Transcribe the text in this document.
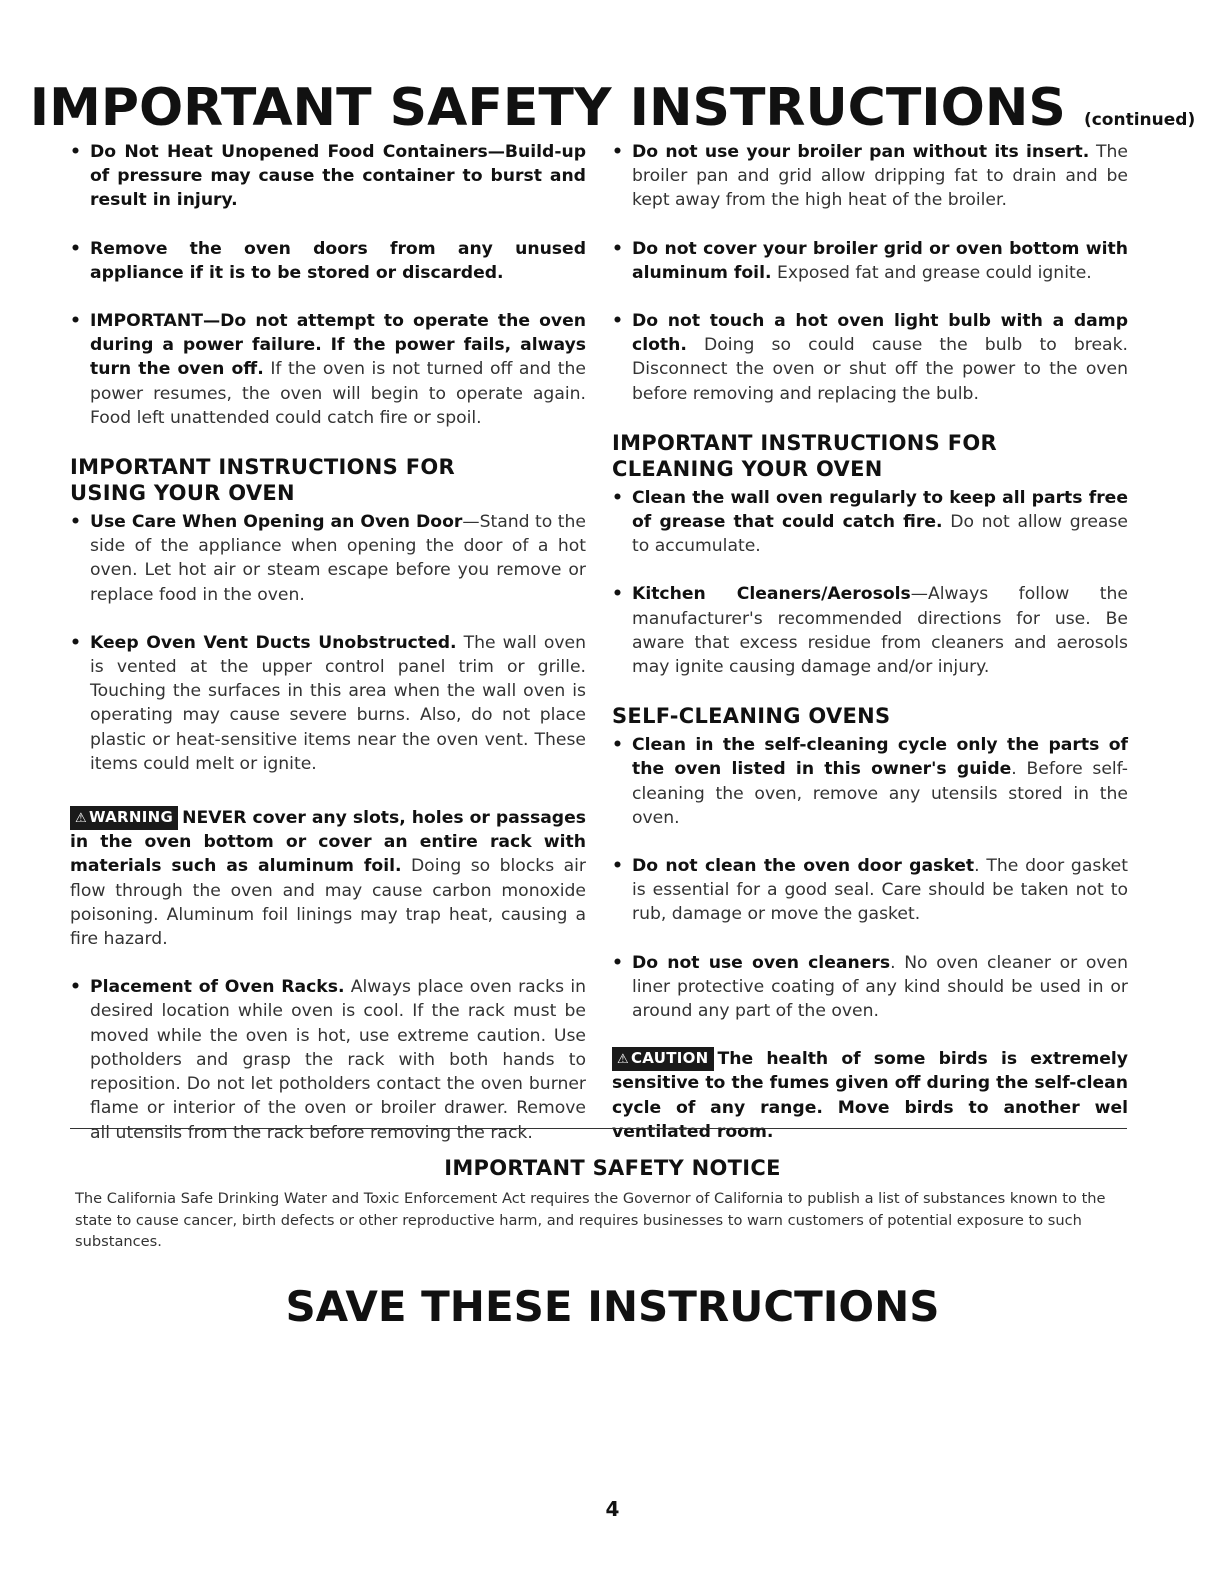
IMPORTANT SAFETY INSTRUCTIONS (continued)

• Do Not Heat Unopened Food Containers—Build-up of pressure may cause the container to burst and result in injury.

• Remove the oven doors from any unused appliance if it is to be stored or discarded.

• IMPORTANT—Do not attempt to operate the oven during a power failure. If the power fails, always turn the oven off. If the oven is not turned off and the power resumes, the oven will begin to operate again. Food left unattended could catch fire or spoil.

IMPORTANT INSTRUCTIONS FOR
USING YOUR OVEN

• Use Care When Opening an Oven Door—Stand to the side of the appliance when opening the door of a hot oven. Let hot air or steam escape before you remove or replace food in the oven.

• Keep Oven Vent Ducts Unobstructed. The wall oven is vented at the upper control panel trim or grille. Touching the surfaces in this area when the wall oven is operating may cause severe burns. Also, do not place plastic or heat-sensitive items near the oven vent. These items could melt or ignite.

⚠ WARNING NEVER cover any slots, holes or passages in the oven bottom or cover an entire rack with materials such as aluminum foil. Doing so blocks air flow through the oven and may cause carbon monoxide poisoning. Aluminum foil linings may trap heat, causing a fire hazard.

• Placement of Oven Racks. Always place oven racks in desired location while oven is cool. If the rack must be moved while the oven is hot, use extreme caution. Use potholders and grasp the rack with both hands to reposition. Do not let potholders contact the oven burner flame or interior of the oven or broiler drawer. Remove all utensils from the rack before removing the rack.

• Do not use your broiler pan without its insert. The broiler pan and grid allow dripping fat to drain and be kept away from the high heat of the broiler.

• Do not cover your broiler grid or oven bottom with aluminum foil. Exposed fat and grease could ignite.

• Do not touch a hot oven light bulb with a damp cloth. Doing so could cause the bulb to break. Disconnect the oven or shut off the power to the oven before removing and replacing the bulb.

IMPORTANT INSTRUCTIONS FOR
CLEANING YOUR OVEN

• Clean the wall oven regularly to keep all parts free of grease that could catch fire. Do not allow grease to accumulate.

• Kitchen Cleaners/Aerosols—Always follow the manufacturer's recommended directions for use. Be aware that excess residue from cleaners and aerosols may ignite causing damage and/or injury.

SELF-CLEANING OVENS

• Clean in the self-cleaning cycle only the parts of the oven listed in this owner's guide. Before self-cleaning the oven, remove any utensils stored in the oven.

• Do not clean the oven door gasket. The door gasket is essential for a good seal. Care should be taken not to rub, damage or move the gasket.

• Do not use oven cleaners. No oven cleaner or oven liner protective coating of any kind should be used in or around any part of the oven.

⚠ CAUTION The health of some birds is extremely sensitive to the fumes given off during the self-clean cycle of any range. Move birds to another wel ventilated room.

IMPORTANT SAFETY NOTICE

The California Safe Drinking Water and Toxic Enforcement Act requires the Governor of California to publish a list of substances known to the state to cause cancer, birth defects or other reproductive harm, and requires businesses to warn customers of potential exposure to such substances.

SAVE THESE INSTRUCTIONS
4
